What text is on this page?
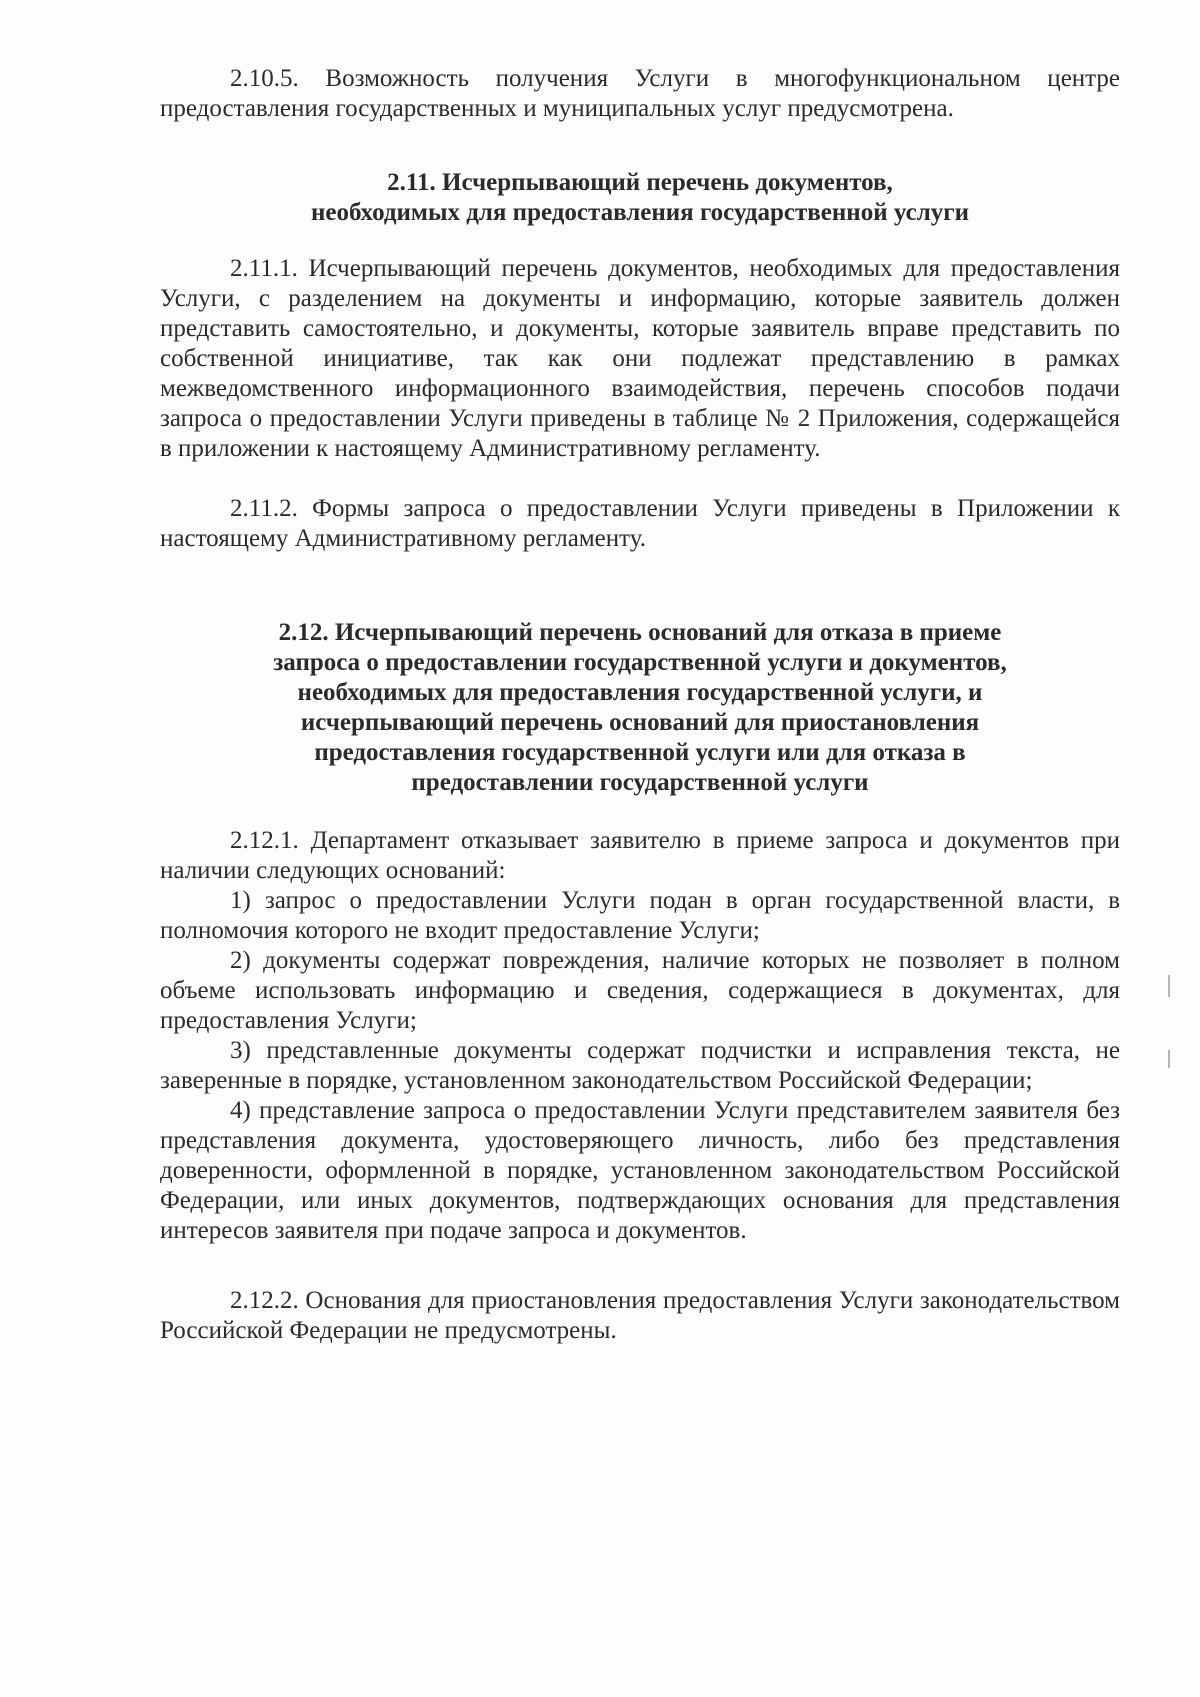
2.10.5. Возможность получения Услуги в многофункциональном центре предоставления государственных и муниципальных услуг предусмотрена.

2.11. Исчерпывающий перечень документов,

необходимых для предоставления государственной услуги

2.11.1. Исчерпывающий перечень документов, необходимых для предоставления Услуги, с разделением на документы и информацию, которые заявитель должен представить самостоятельно, и документы, которые заявитель вправе представить по собственной инициативе, так как они подлежат представлению в рамках межведомственного информационного взаимодействия, перечень способов подачи запроса о предоставлении Услуги приведены в таблице № 2 Приложения, содержащейся в приложении к настоящему Административному регламенту.

2.11.2. Формы запроса о предоставлении Услуги приведены в Приложении к настоящему Административному регламенту.

2.12. Исчерпывающий перечень оснований для отказа в приеме

запроса о предоставлении государственной услуги и документов,

необходимых для предоставления государственной услуги, и

исчерпывающий перечень оснований для приостановления

предоставления государственной услуги или для отказа в

предоставлении государственной услуги

2.12.1. Департамент отказывает заявителю в приеме запроса и документов при наличии следующих оснований:

1) запрос о предоставлении Услуги подан в орган государственной власти, в полномочия которого не входит предоставление Услуги;

2) документы содержат повреждения, наличие которых не позволяет в полном объеме использовать информацию и сведения, содержащиеся в документах, для предоставления Услуги;

3) представленные документы содержат подчистки и исправления текста, не заверенные в порядке, установленном законодательством Российской Федерации;

4) представление запроса о предоставлении Услуги представителем заявителя без представления документа, удостоверяющего личность, либо без представления доверенности, оформленной в порядке, установленном законодательством Российской Федерации, или иных документов, подтверждающих основания для представления интересов заявителя при подаче запроса и документов.

2.12.2. Основания для приостановления предоставления Услуги законодательством Российской Федерации не предусмотрены.
